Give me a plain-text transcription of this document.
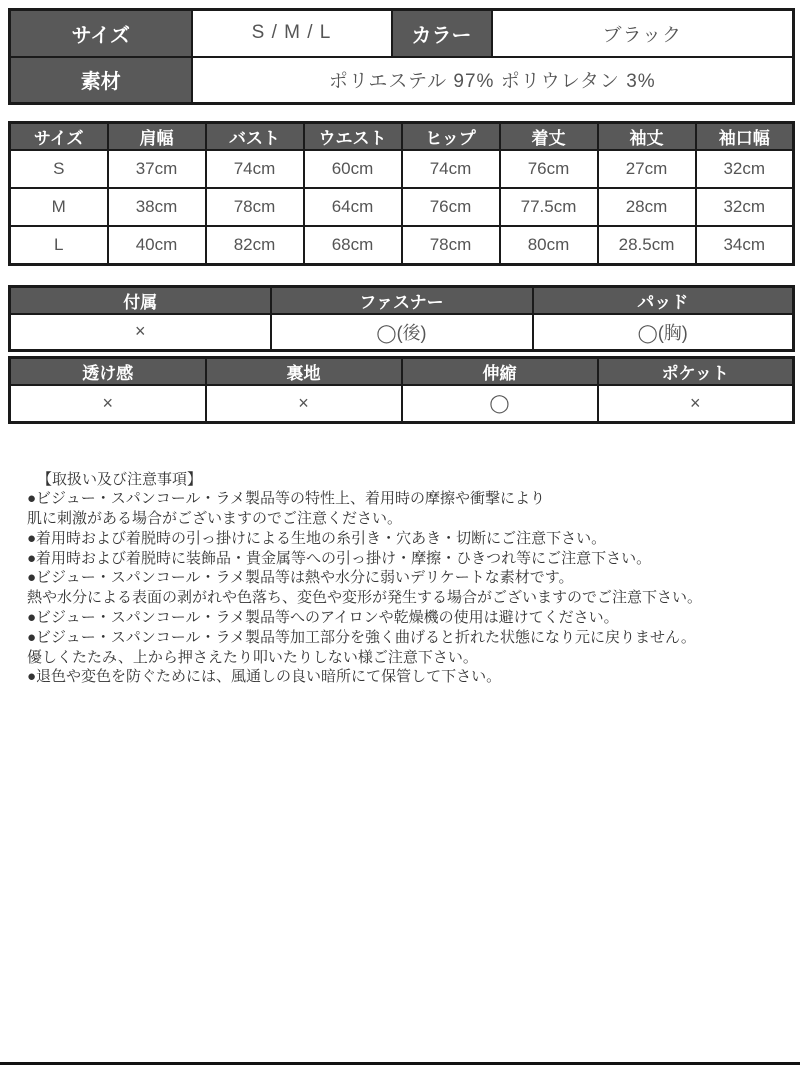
サイズ	S / M / L	カラー	ブラック
素材	ポリエステル 97% ポリウレタン 3%		
サイズ	肩幅	バスト	ウエスト	ヒップ	着丈	袖丈	袖口幅
S	37cm	74cm	60cm	74cm	76cm	27cm	32cm
M	38cm	78cm	64cm	76cm	77.5cm	28cm	32cm
L	40cm	82cm	68cm	78cm	80cm	28.5cm	34cm
付属	ファスナー	パッド
×	◯(後)	◯(胸)
透け感	裏地	伸縮	ポケット
×	×	◯	×

【取扱い及び注意事項】

●ビジュー・スパンコール・ラメ製品等の特性上、着用時の摩擦や衝撃により

肌に刺激がある場合がございますのでご注意ください。

●着用時および着脱時の引っ掛けによる生地の糸引き・穴あき・切断にご注意下さい。

●着用時および着脱時に装飾品・貴金属等への引っ掛け・摩擦・ひきつれ等にご注意下さい。

●ビジュー・スパンコール・ラメ製品等は熱や水分に弱いデリケートな素材です。

熱や水分による表面の剥がれや色落ち、変色や変形が発生する場合がございますのでご注意下さい。

●ビジュー・スパンコール・ラメ製品等へのアイロンや乾燥機の使用は避けてください。

●ビジュー・スパンコール・ラメ製品等加工部分を強く曲げると折れた状態になり元に戻りません。

優しくたたみ、上から押さえたり叩いたりしない様ご注意下さい。

●退色や変色を防ぐためには、風通しの良い暗所にて保管して下さい。
